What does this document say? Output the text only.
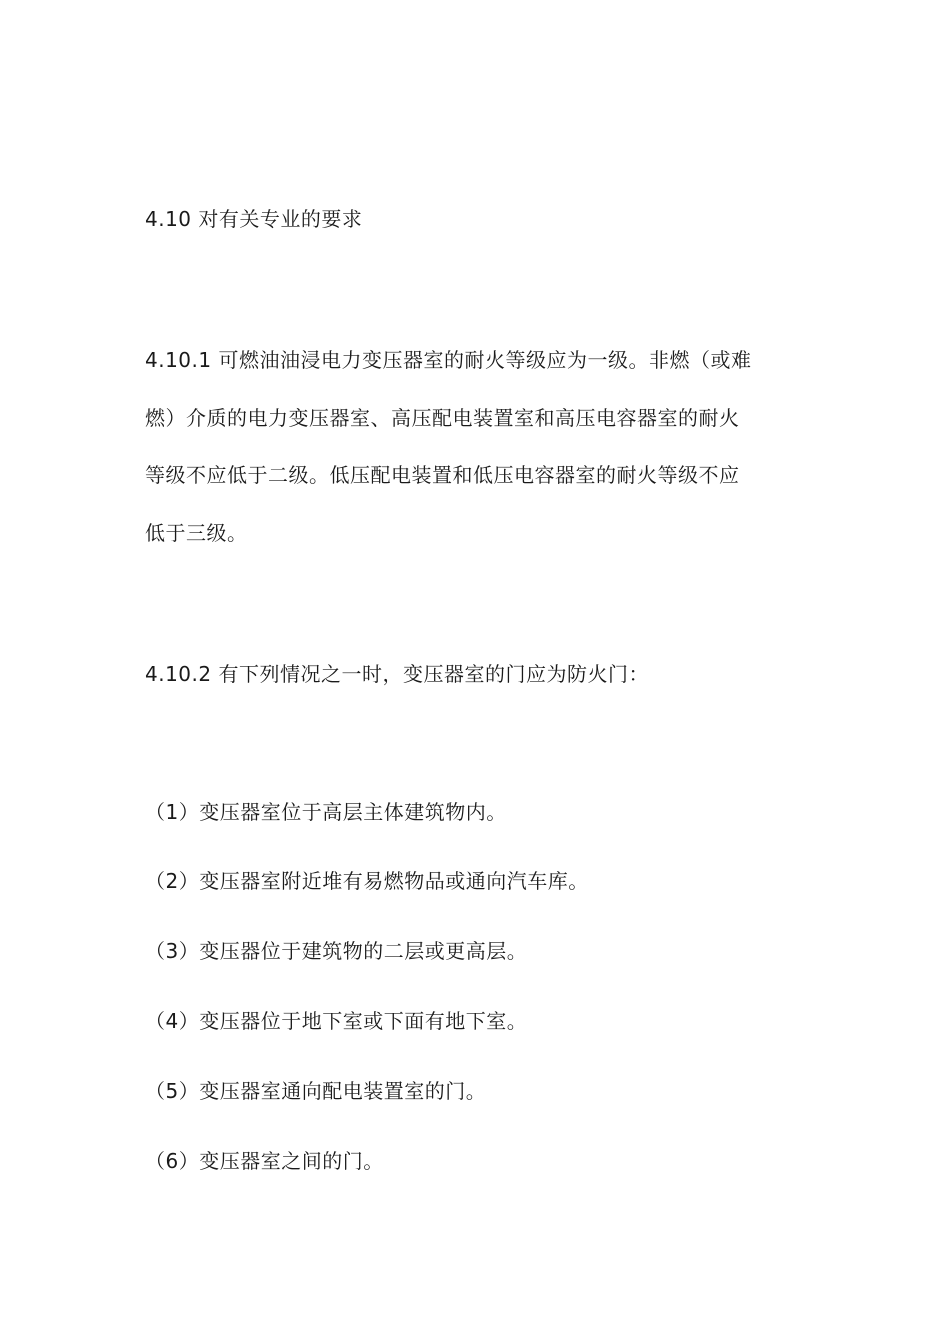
4.10 对有关专业的要求
4.10.1 可燃油油浸电力变压器室的耐火等级应为一级。非燃（或难
燃）介质的电力变压器室、高压配电装置室和高压电容器室的耐火
等级不应低于二级。低压配电装置和低压电容器室的耐火等级不应
低于三级。
4.10.2 有下列情况之一时，变压器室的门应为防火门：
（1）变压器室位于高层主体建筑物内。
（2）变压器室附近堆有易燃物品或通向汽车库。
（3）变压器位于建筑物的二层或更高层。
（4）变压器位于地下室或下面有地下室。
（5）变压器室通向配电装置室的门。
（6）变压器室之间的门。
